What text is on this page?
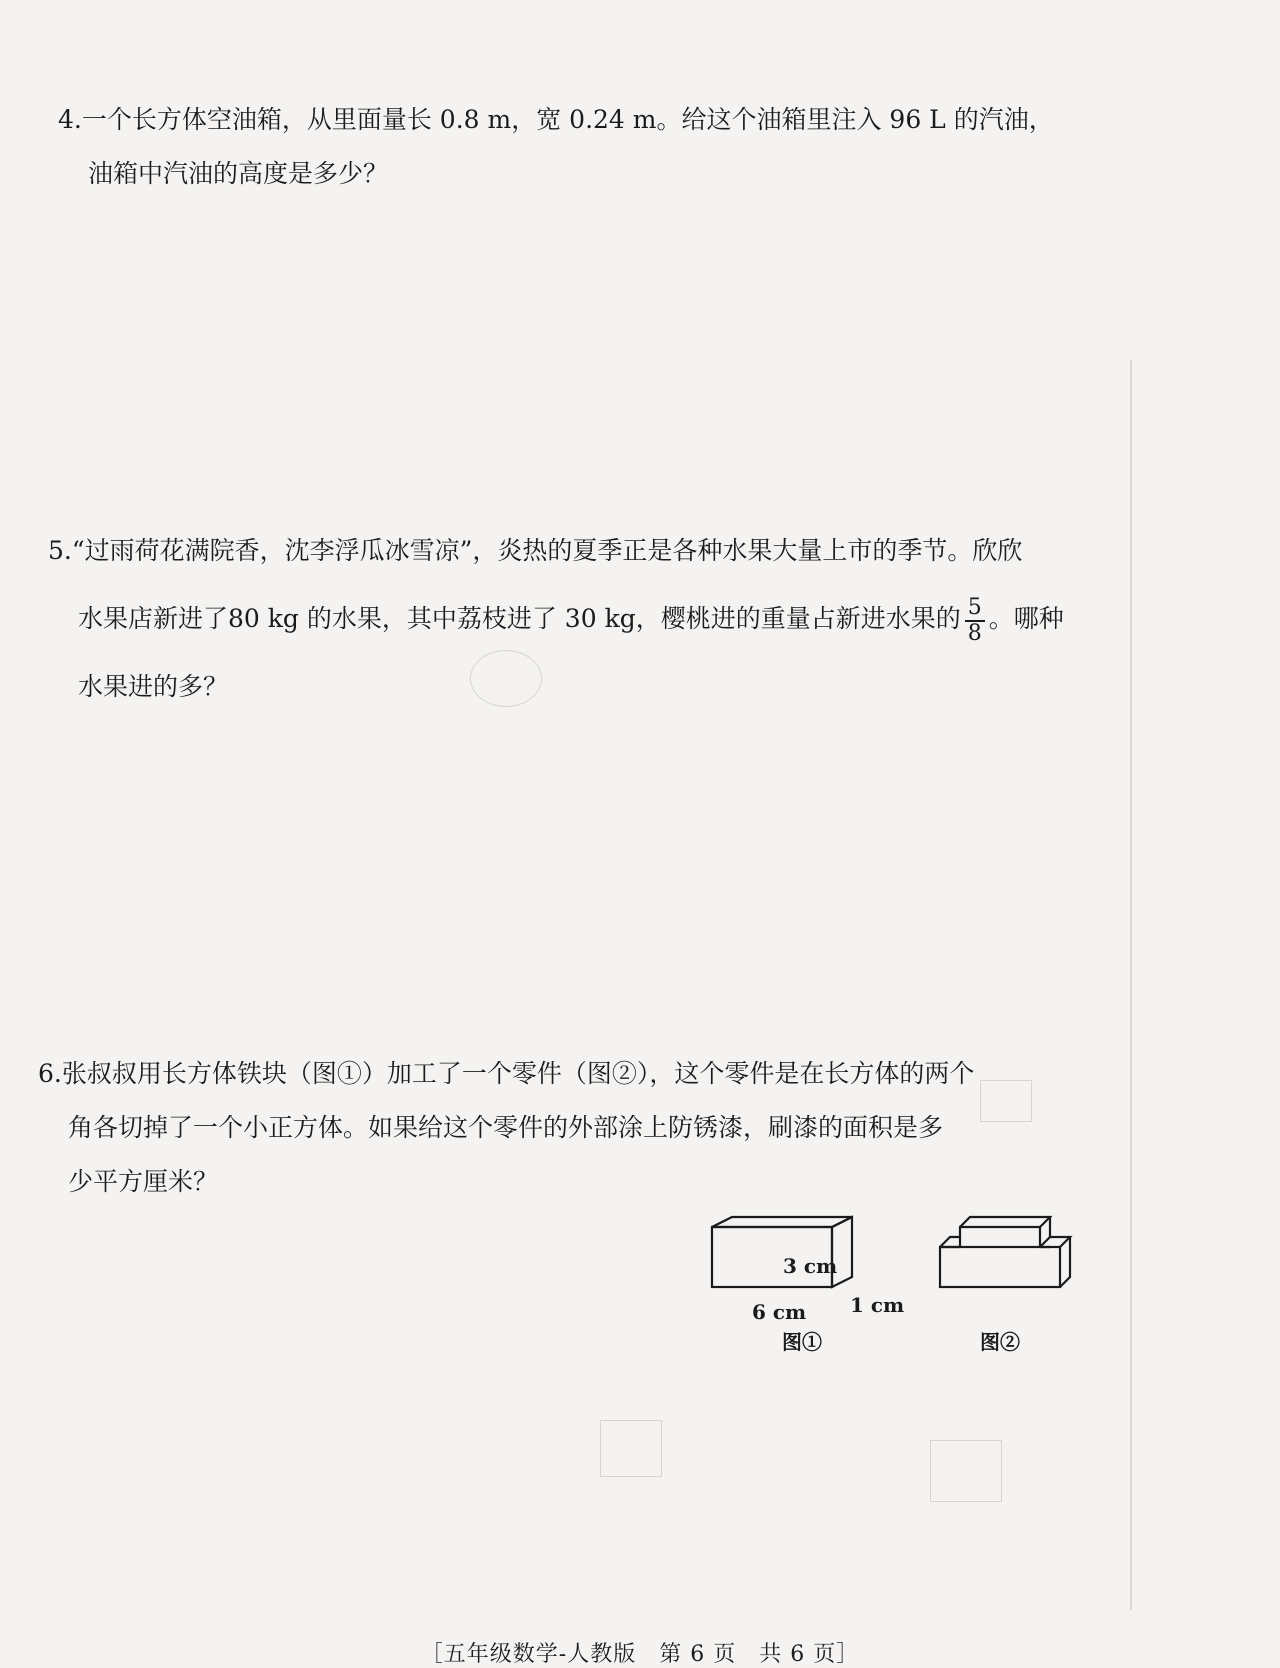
4.一个长方体空油箱，从里面量长 0.8 m，宽 0.24 m。给这个油箱里注入 96 L 的汽油，
油箱中汽油的高度是多少？
5.“过雨荷花满院香，沈李浮瓜冰雪凉”，炎热的夏季正是各种水果大量上市的季节。欣欣
水果店新进了80 kg 的水果，其中荔枝进了 30 kg，樱桃进的重量占新进水果的 $\frac{5}{8}$ 。哪种
水果进的多？
6.张叔叔用长方体铁块（图①）加工了一个零件（图②），这个零件是在长方体的两个
角各切掉了一个小正方体。如果给这个零件的外部涂上防锈漆，刷漆的面积是多
少平方厘米？
3 cm
6 cm 1 cm
图①	图②
［五年级数学-人教版　第 6 页　共 6 页］
